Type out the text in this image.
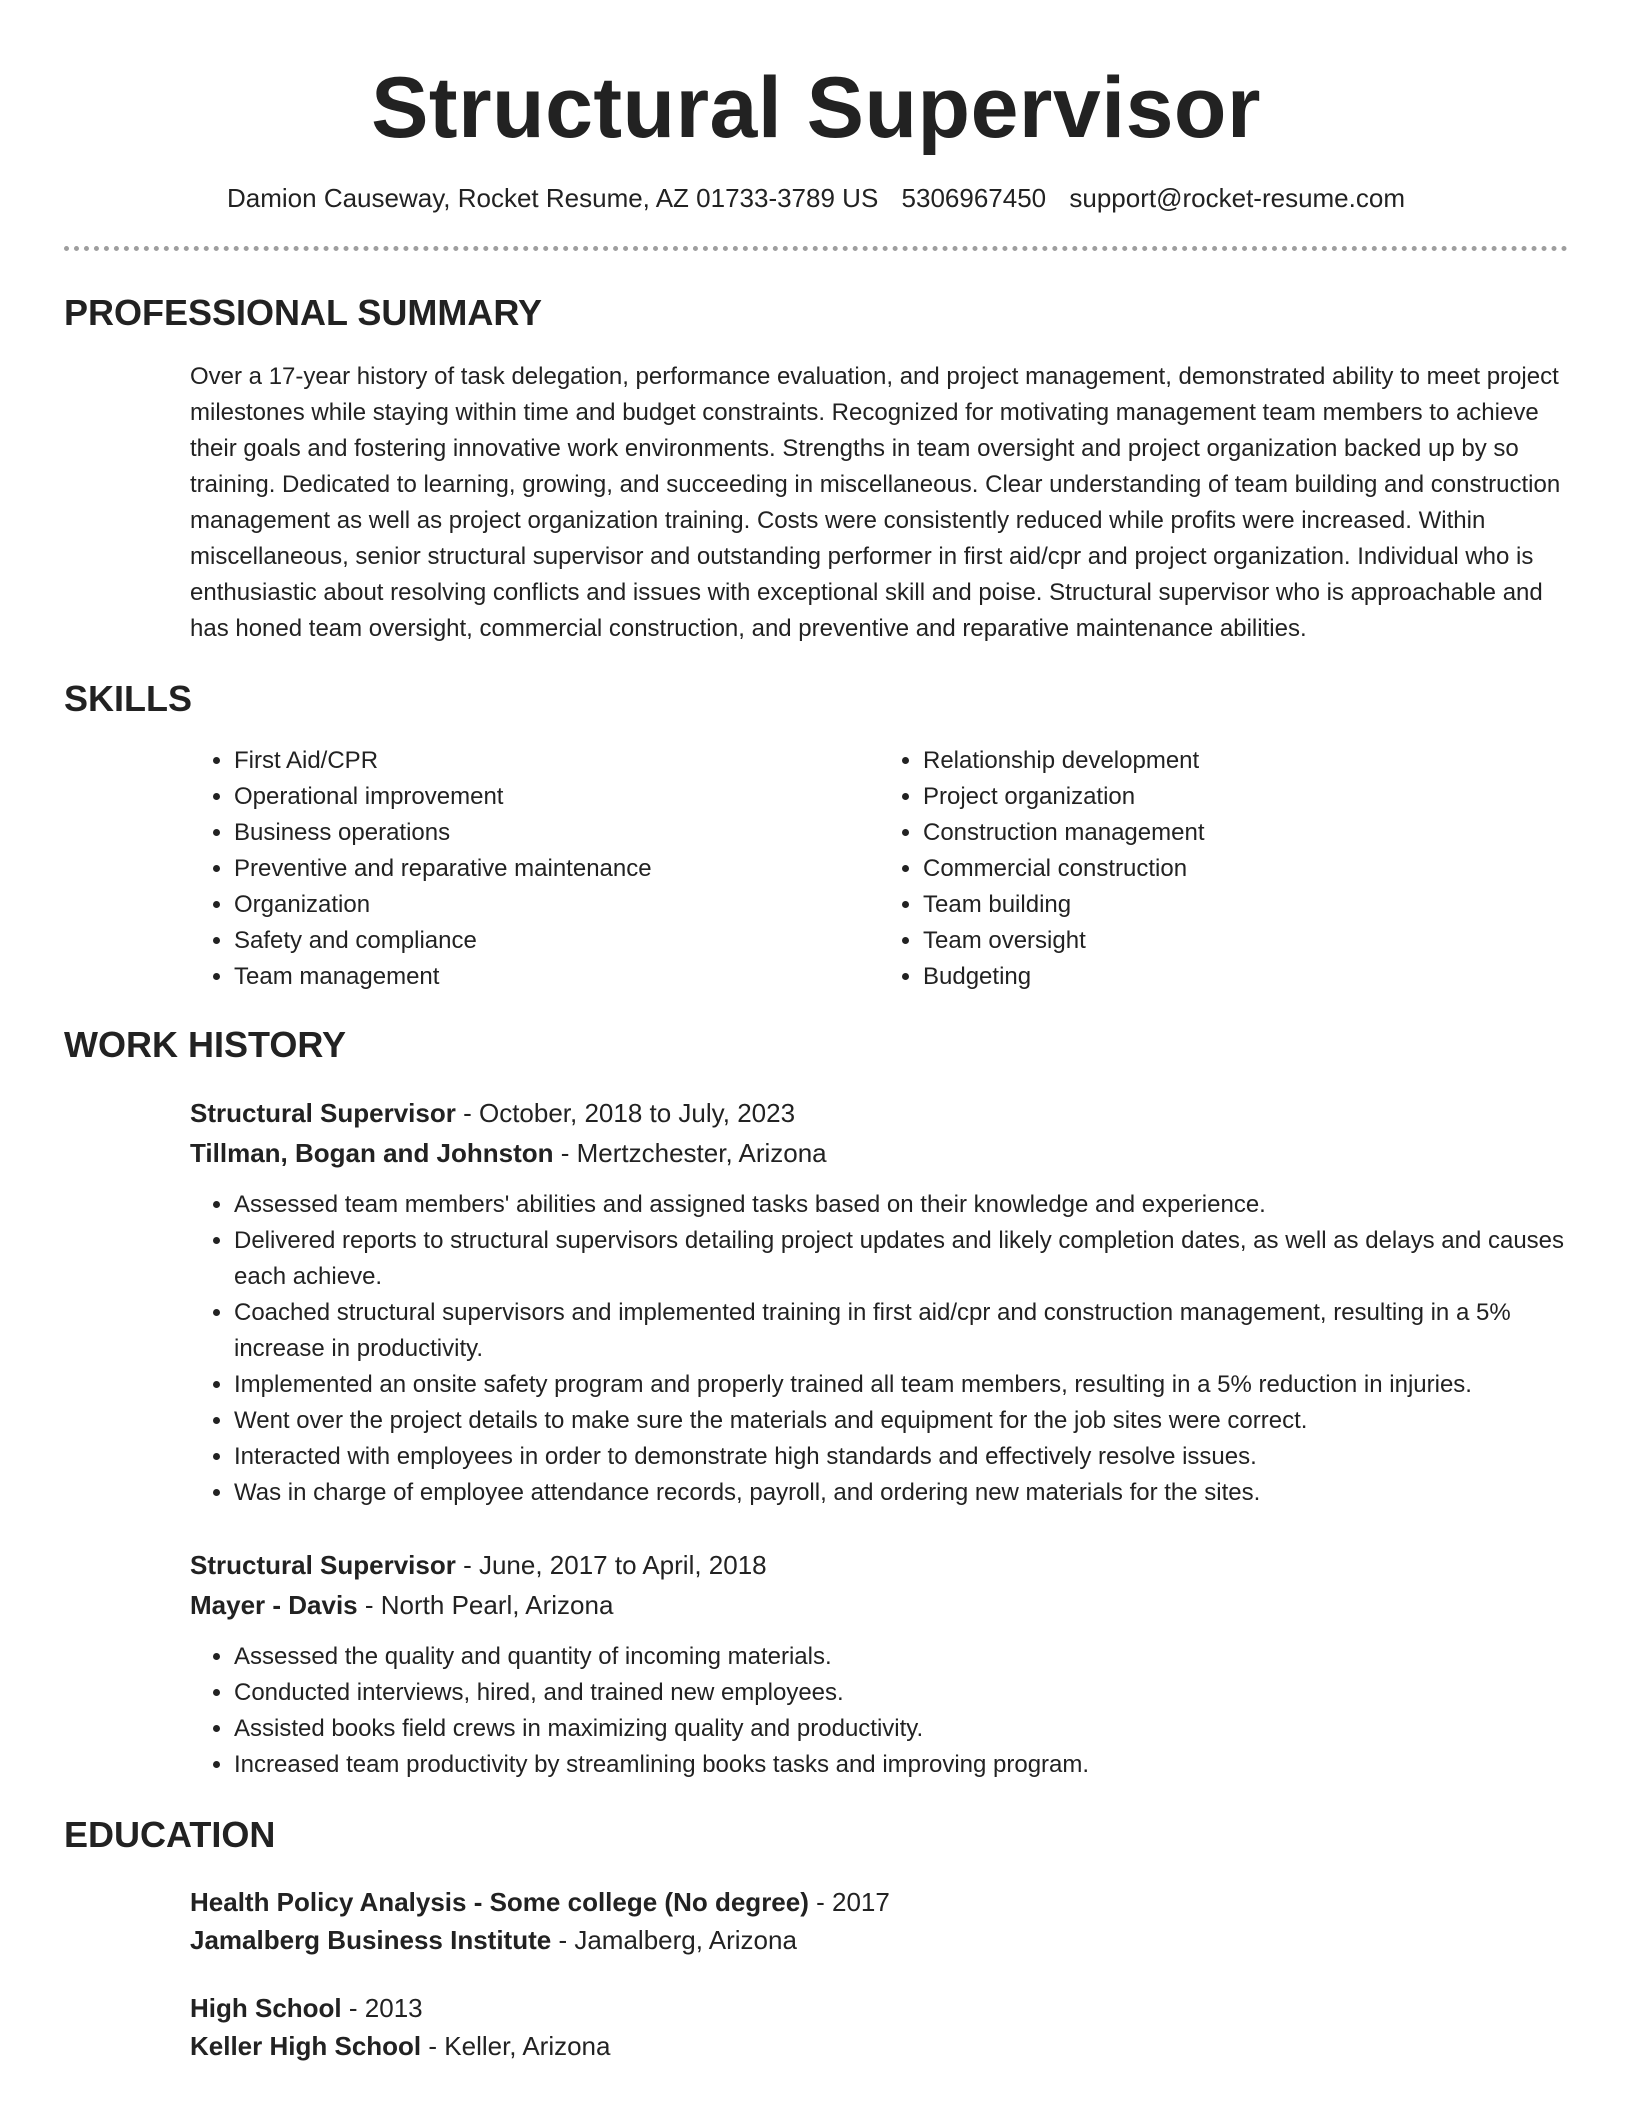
Structural Supervisor
Damion Causeway, Rocket Resume, AZ 01733-3789 US 5306967450 support@rocket-resume.com
PROFESSIONAL SUMMARY

Over a 17-year history of task delegation, performance evaluation, and project management, demonstrated ability to meet project milestones while staying within time and budget constraints. Recognized for motivating management team members to achieve their goals and fostering innovative work environments. Strengths in team oversight and project organization backed up by so training. Dedicated to learning, growing, and succeeding in miscellaneous. Clear understanding of team building and construction management as well as project organization training. Costs were consistently reduced while profits were increased. Within miscellaneous, senior structural supervisor and outstanding performer in first aid/cpr and project organization. Individual who is enthusiastic about resolving conflicts and issues with exceptional skill and poise. Structural supervisor who is approachable and has honed team oversight, commercial construction, and preventive and reparative maintenance abilities.

SKILLS
• First Aid/CPR
• Operational improvement
• Business operations
• Preventive and reparative maintenance
• Organization
• Safety and compliance
• Team management
• Relationship development
• Project organization
• Construction management
• Commercial construction
• Team building
• Team oversight
• Budgeting
WORK HISTORY
Structural Supervisor - October, 2018 to July, 2023
Tillman, Bogan and Johnston - Mertzchester, Arizona
• Assessed team members' abilities and assigned tasks based on their knowledge and experience.
• Delivered reports to structural supervisors detailing project updates and likely completion dates, as well as delays and causes each achieve.
• Coached structural supervisors and implemented training in first aid/cpr and construction management, resulting in a 5% increase in productivity.
• Implemented an onsite safety program and properly trained all team members, resulting in a 5% reduction in injuries.
• Went over the project details to make sure the materials and equipment for the job sites were correct.
• Interacted with employees in order to demonstrate high standards and effectively resolve issues.
• Was in charge of employee attendance records, payroll, and ordering new materials for the sites.
Structural Supervisor - June, 2017 to April, 2018
Mayer - Davis - North Pearl, Arizona
• Assessed the quality and quantity of incoming materials.
• Conducted interviews, hired, and trained new employees.
• Assisted books field crews in maximizing quality and productivity.
• Increased team productivity by streamlining books tasks and improving program.
EDUCATION
Health Policy Analysis - Some college (No degree) - 2017
Jamalberg Business Institute - Jamalberg, Arizona
High School - 2013
Keller High School - Keller, Arizona
